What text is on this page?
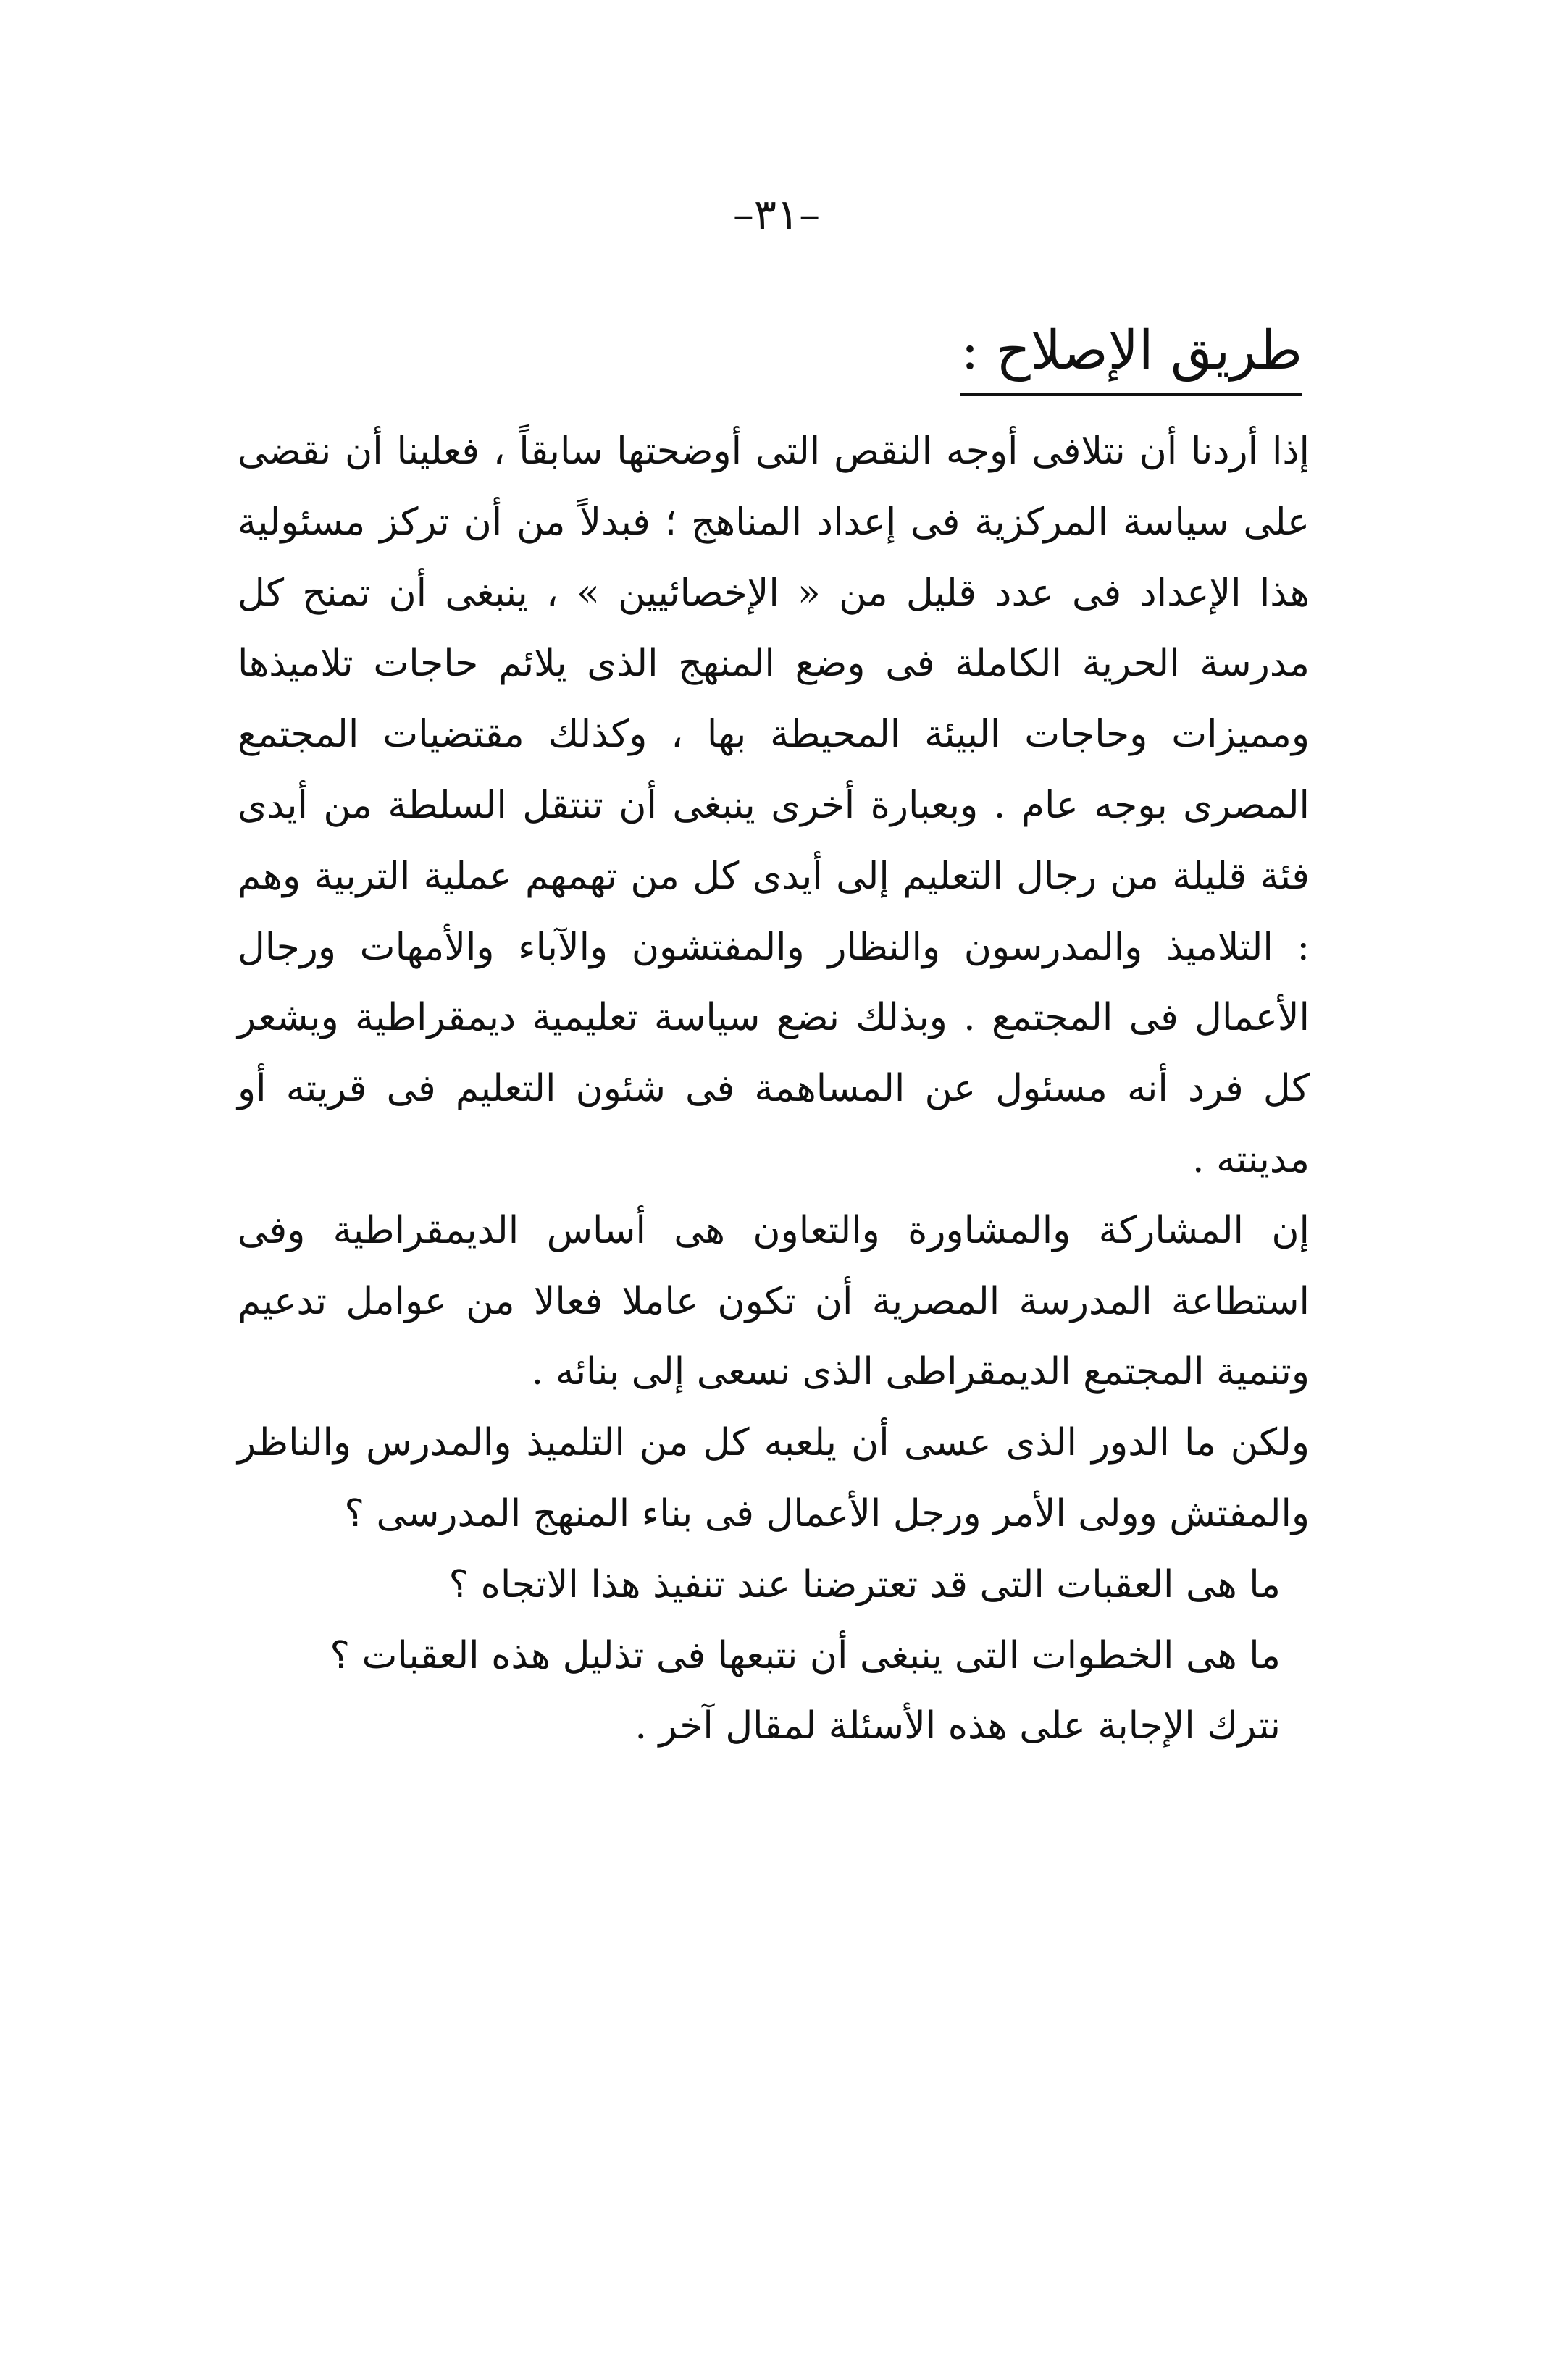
–٣١–
طريق الإصلاح :

إذا أردنا أن نتلافى أوجه النقص التى أوضحتها سابقاً ، فعلينا أن نقضى على سياسة المركزية فى إعداد المناهج ؛ فبدلاً من أن تركز مسئولية هذا الإعداد فى عدد قليل من « الإخصائيين » ، ينبغى أن تمنح كل مدرسة الحرية الكاملة فى وضع المنهج الذى يلائم حاجات تلاميذها ومميزات وحاجات البيئة المحيطة بها ، وكذلك مقتضيات المجتمع المصرى بوجه عام . وبعبارة أخرى ينبغى أن تنتقل السلطة من أيدى فئة قليلة من رجال التعليم إلى أيدى كل من تهمهم عملية التربية وهم : التلاميذ والمدرسون والنظار والمفتشون والآباء والأمهات ورجال الأعمال فى المجتمع . وبذلك نضع سياسة تعليمية ديمقراطية ويشعر كل فرد أنه مسئول عن المساهمة فى شئون التعليم فى قريته أو مدينته .

إن المشاركة والمشاورة والتعاون هى أساس الديمقراطية وفى استطاعة المدرسة المصرية أن تكون عاملا فعالا من عوامل تدعيم وتنمية المجتمع الديمقراطى الذى نسعى إلى بنائه .

ولكن ما الدور الذى عسى أن يلعبه كل من التلميذ والمدرس والناظر والمفتش وولى الأمر ورجل الأعمال فى بناء المنهج المدرسى ؟

ما هى العقبات التى قد تعترضنا عند تنفيذ هذا الاتجاه ؟

ما هى الخطوات التى ينبغى أن نتبعها فى تذليل هذه العقبات ؟

نترك الإجابة على هذه الأسئلة لمقال آخر .
